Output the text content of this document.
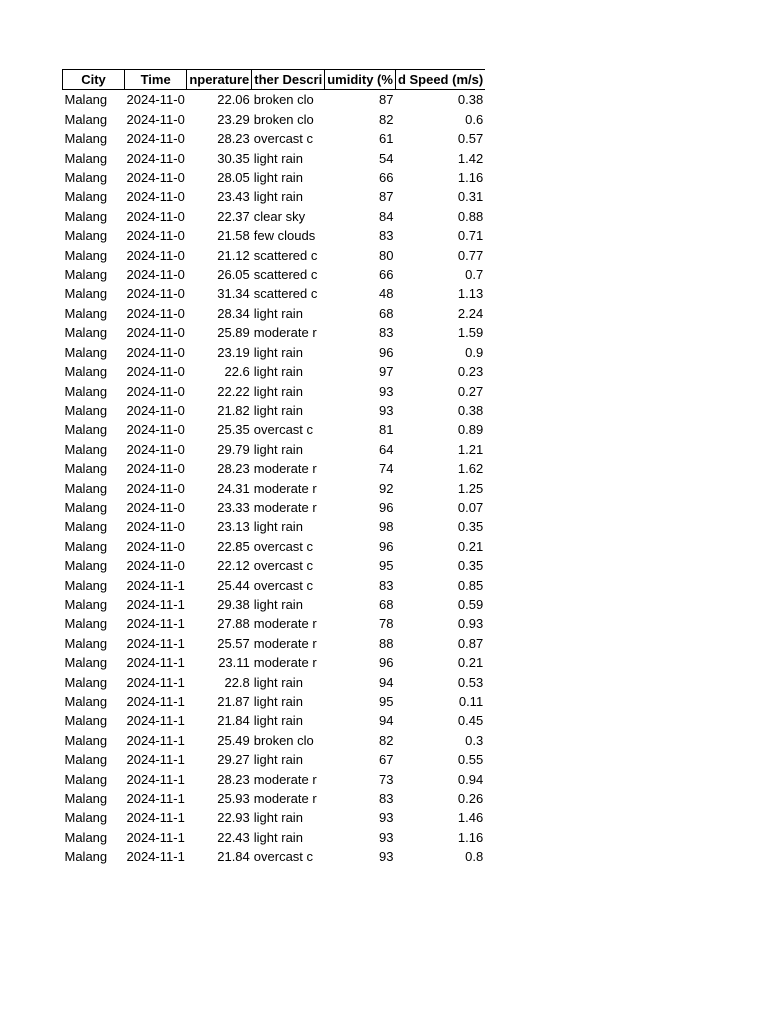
City	Time	nperature	ther Descri	umidity (%	d Speed (m/s)
Malang	2024-11-0	22.06	broken clo	87	0.38
Malang	2024-11-0	23.29	broken clo	82	0.6
Malang	2024-11-0	28.23	overcast c	61	0.57
Malang	2024-11-0	30.35	light rain	54	1.42
Malang	2024-11-0	28.05	light rain	66	1.16
Malang	2024-11-0	23.43	light rain	87	0.31
Malang	2024-11-0	22.37	clear sky	84	0.88
Malang	2024-11-0	21.58	few clouds	83	0.71
Malang	2024-11-0	21.12	scattered c	80	0.77
Malang	2024-11-0	26.05	scattered c	66	0.7
Malang	2024-11-0	31.34	scattered c	48	1.13
Malang	2024-11-0	28.34	light rain	68	2.24
Malang	2024-11-0	25.89	moderate r	83	1.59
Malang	2024-11-0	23.19	light rain	96	0.9
Malang	2024-11-0	22.6	light rain	97	0.23
Malang	2024-11-0	22.22	light rain	93	0.27
Malang	2024-11-0	21.82	light rain	93	0.38
Malang	2024-11-0	25.35	overcast c	81	0.89
Malang	2024-11-0	29.79	light rain	64	1.21
Malang	2024-11-0	28.23	moderate r	74	1.62
Malang	2024-11-0	24.31	moderate r	92	1.25
Malang	2024-11-0	23.33	moderate r	96	0.07
Malang	2024-11-0	23.13	light rain	98	0.35
Malang	2024-11-0	22.85	overcast c	96	0.21
Malang	2024-11-0	22.12	overcast c	95	0.35
Malang	2024-11-1	25.44	overcast c	83	0.85
Malang	2024-11-1	29.38	light rain	68	0.59
Malang	2024-11-1	27.88	moderate r	78	0.93
Malang	2024-11-1	25.57	moderate r	88	0.87
Malang	2024-11-1	23.11	moderate r	96	0.21
Malang	2024-11-1	22.8	light rain	94	0.53
Malang	2024-11-1	21.87	light rain	95	0.11
Malang	2024-11-1	21.84	light rain	94	0.45
Malang	2024-11-1	25.49	broken clo	82	0.3
Malang	2024-11-1	29.27	light rain	67	0.55
Malang	2024-11-1	28.23	moderate r	73	0.94
Malang	2024-11-1	25.93	moderate r	83	0.26
Malang	2024-11-1	22.93	light rain	93	1.46
Malang	2024-11-1	22.43	light rain	93	1.16
Malang	2024-11-1	21.84	overcast c	93	0.8
